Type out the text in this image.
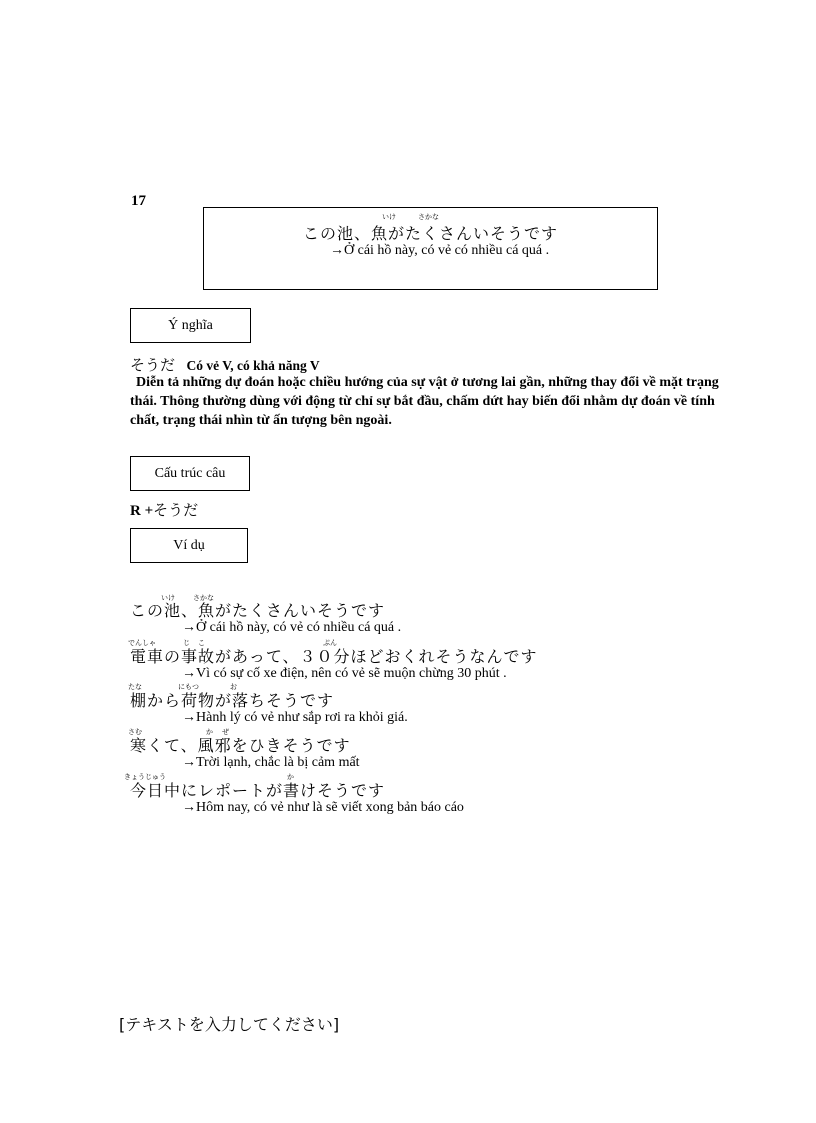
17
いけ	さかな
この池、魚がたくさんいそうです
→Ở cái hồ này, có vẻ có nhiều cá quá .
Ý nghĩa
そうだ Có vẻ V, có khả năng V
Diễn tả những dự đoán hoặc chiều hướng của sự vật ở tương lai gần, những thay đổi về mặt trạng thái. Thông thường dùng với động từ chỉ sự bắt đầu, chấm dứt hay biến đổi nhằm dự đoán về tính chất, trạng thái nhìn từ ấn tượng bên ngoài.
Cấu trúc câu
R +そうだ
Ví dụ
いけ	さかな
でんしゃ	じ こ	ぷん
たな	にもつ	お
さむ	か ぜ
きょうじゅう	か
この池、魚がたくさんいそうです
→Ở cái hồ này, có vẻ có nhiều cá quá .
電車の事故があって、３０分ほどおくれそうなんです
→Vì có sự cố xe điện, nên có vẻ sẽ muộn chừng 30 phút .
棚から荷物が落ちそうです
→Hành lý có vẻ như sắp rơi ra khỏi giá.
寒くて、風邪をひきそうです
→Trời lạnh, chắc là bị cảm mất
今日中にレポートが書けそうです
→Hôm nay, có vẻ như là sẽ viết xong bản báo cáo
[テキストを入力してください]
